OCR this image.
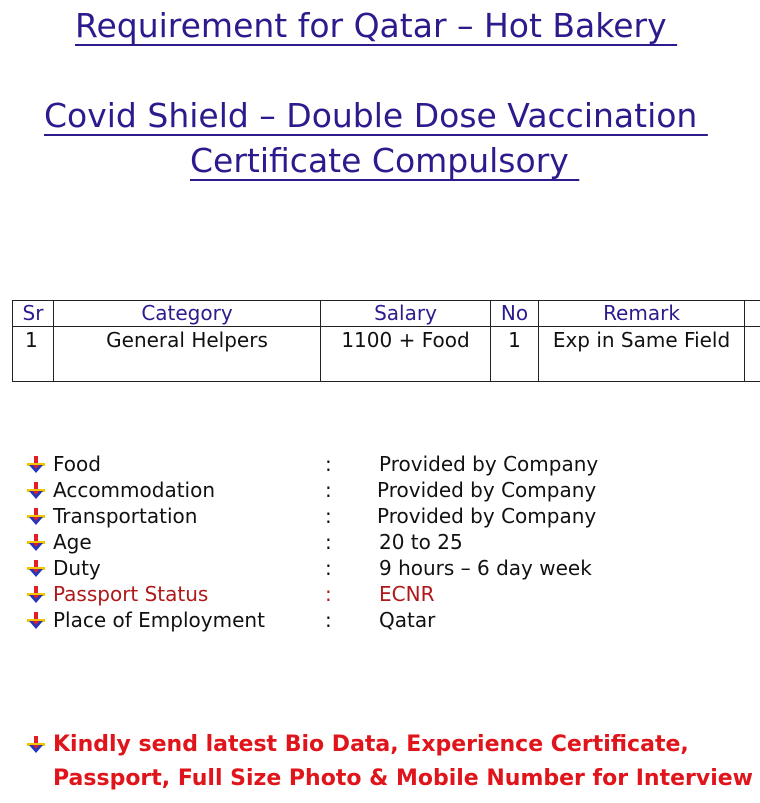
Requirement for Qatar – Hot Bakery
Covid Shield – Double Dose Vaccination
Certificate Compulsory
Sr	Category	Salary	No	Remark	
1	General Helpers	1100 + Food	1	Exp in Same Field	
Food	: Provided by Company
Accommodation	: Provided by Company
Transportation	: Provided by Company
Age	: 20 to 25
Duty	: 9 hours – 6 day week
Passport Status	: ECNR
Place of Employment	: Qatar
Kindly send latest Bio Data, Experience Certificate,
Passport, Full Size Photo & Mobile Number for Interview
